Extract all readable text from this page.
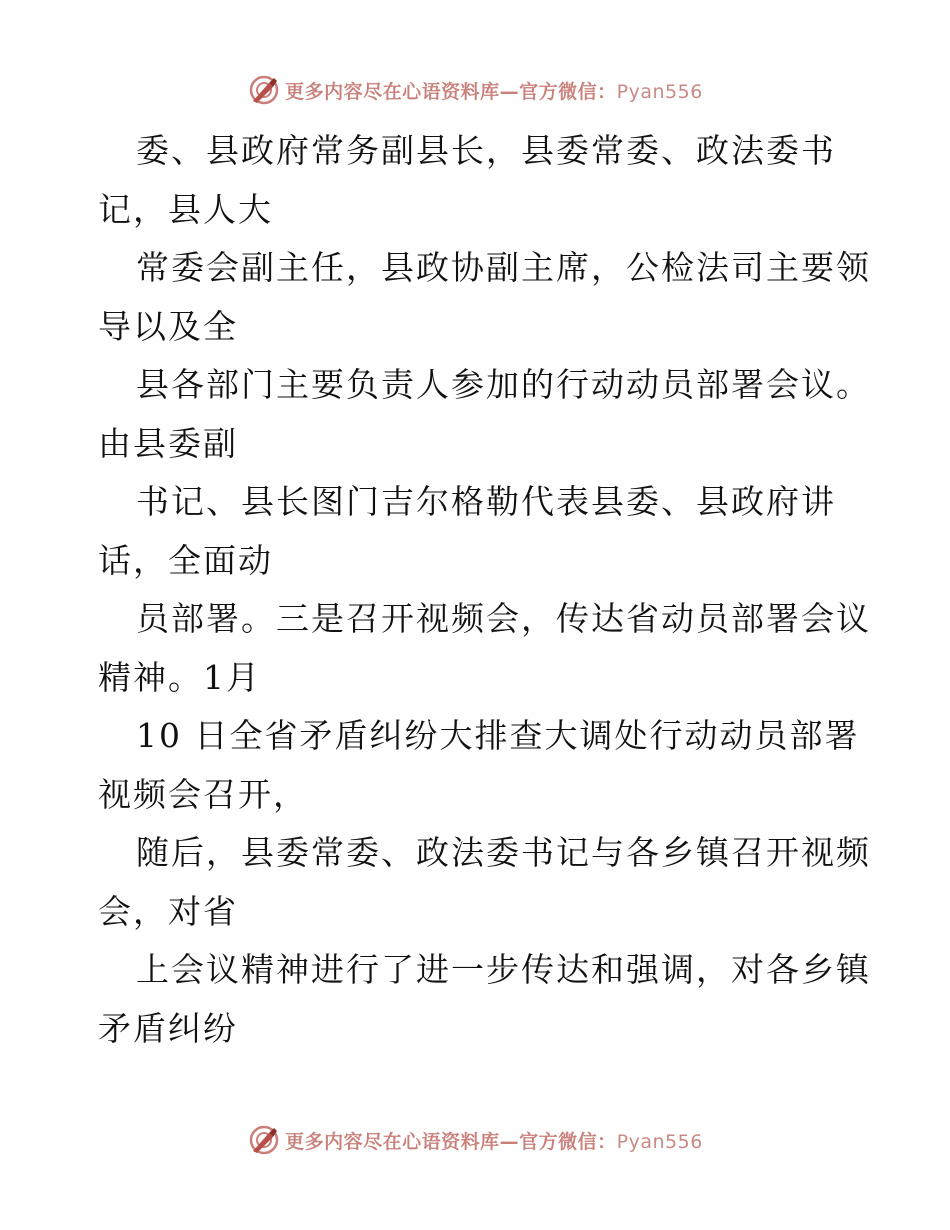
更多内容尽在心语资料库—官方微信：Pyan556
委、县政府常务副县长，县委常委、政法委书
记，县人大
常委会副主任，县政协副主席，公检法司主要领
导以及全
县各部门主要负责人参加的行动动员部署会议。
由县委副
书记、县长图门吉尔格勒代表县委、县政府讲
话，全面动
员部署。三是召开视频会，传达省动员部署会议
精神。1月
10 日全省矛盾纠纷大排查大调处行动动员部署
视频会召开，
随后，县委常委、政法委书记与各乡镇召开视频
会，对省
上会议精神进行了进一步传达和强调，对各乡镇
矛盾纠纷
更多内容尽在心语资料库—官方微信：Pyan556
